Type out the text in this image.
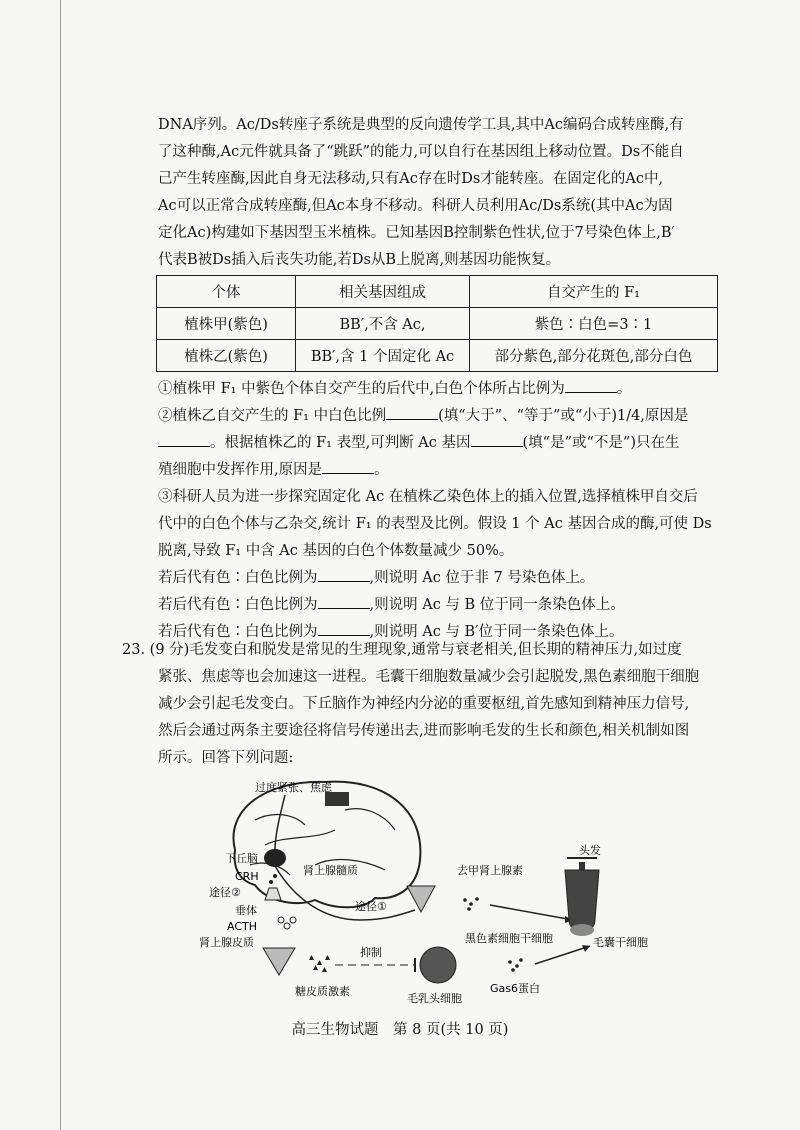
DNA序列。Ac/Ds转座子系统是典型的反向遗传学工具,其中Ac编码合成转座酶,有
了这种酶,Ac元件就具备了“跳跃”的能力,可以自行在基因组上移动位置。Ds不能自
己产生转座酶,因此自身无法移动,只有Ac存在时Ds才能转座。在固定化的Ac中,
Ac可以正常合成转座酶,但Ac本身不移动。科研人员利用Ac/Ds系统(其中Ac为固
定化Ac)构建如下基因型玉米植株。已知基因B控制紫色性状,位于7号染色体上,B′
代表B被Ds插入后丧失功能,若Ds从B上脱离,则基因功能恢复。
个体	相关基因组成	自交产生的 F₁
植株甲(紫色)	BB′,不含 Ac,	紫色∶白色=3∶1
植株乙(紫色)	BB′,含 1 个固定化 Ac	部分紫色,部分花斑色,部分白色
①植株甲 F₁ 中紫色个体自交产生的后代中,白色个体所占比例为	。
②植株乙自交产生的 F₁ 中白色比例	(填“大于”、“等于”或“小于)1/4,原因是
。根据植株乙的 F₁ 表型,可判断 Ac 基因	(填“是”或“不是”)只在生
殖细胞中发挥作用,原因是	。
③科研人员为进一步探究固定化 Ac 在植株乙染色体上的插入位置,选择植株甲自交后
代中的白色个体与乙杂交,统计 F₁ 的表型及比例。假设 1 个 Ac 基因合成的酶,可使 Ds
脱离,导致 F₁ 中含 Ac 基因的白色个体数量减少 50%。
若后代有色∶白色比例为	,则说明 Ac 位于非 7 号染色体上。
若后代有色∶白色比例为	,则说明 Ac 与 B 位于同一条染色体上。
若后代有色∶白色比例为	,则说明 Ac 与 B′位于同一条染色体上。
23. (9 分)毛发变白和脱发是常见的生理现象,通常与衰老相关,但长期的精神压力,如过度
紧张、焦虑等也会加速这一进程。毛囊干细胞数量减少会引起脱发,黑色素细胞干细胞
减少会引起毛发变白。下丘脑作为神经内分泌的重要枢纽,首先感知到精神压力信号,
然后会通过两条主要途径将信号传递出去,进而影响毛发的生长和颜色,相关机制如图
所示。回答下列问题:
过度紧张、焦虑
下丘脑
CRH
途径②
垂体
ACTH
肾上腺皮质
糖皮质激素
抑制
毛乳头细胞
Gas6蛋白
途径①
肾上腺髓质	去甲肾上腺素
头发
黑色素细胞干细胞	毛囊干细胞
高三生物试题　第 8 页(共 10 页)
